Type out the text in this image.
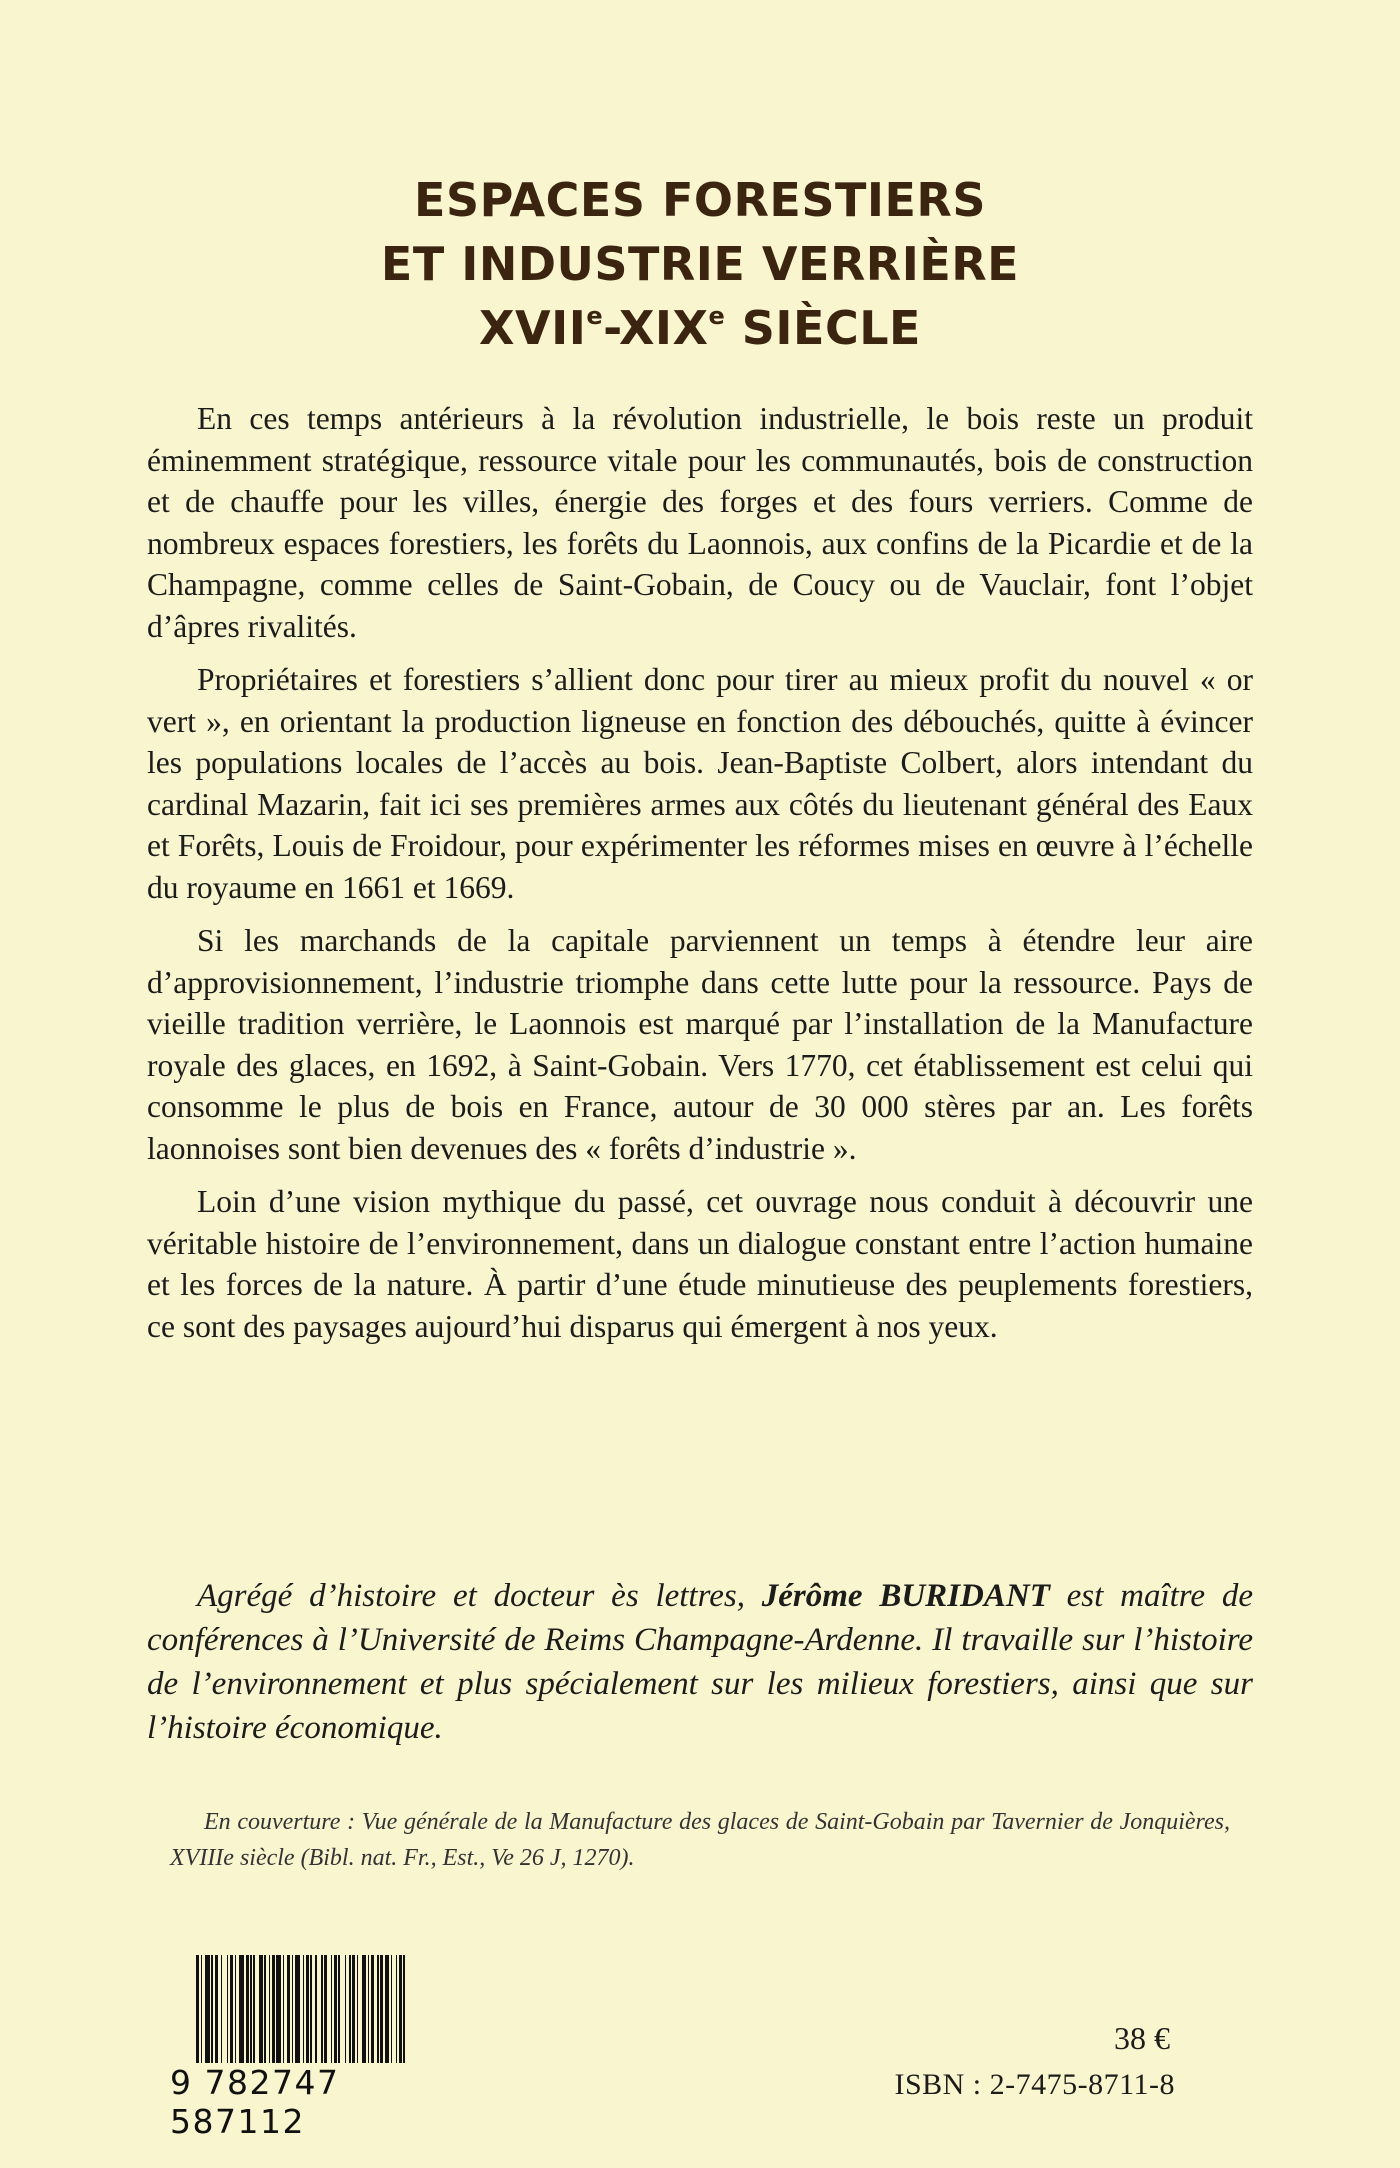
ESPACES FORESTIERS
ET INDUSTRIE VERRIÈRE
XVIIe-XIXe SIÈCLE

En ces temps antérieurs à la révolution industrielle, le bois reste un produit éminemment stratégique, ressource vitale pour les communautés, bois de construction et de chauffe pour les villes, énergie des forges et des fours verriers. Comme de nombreux espaces forestiers, les forêts du Laonnois, aux confins de la Picardie et de la Champagne, comme celles de Saint-Gobain, de Coucy ou de Vauclair, font l’objet d’âpres rivalités.

Propriétaires et forestiers s’allient donc pour tirer au mieux profit du nouvel « or vert », en orientant la production ligneuse en fonction des débouchés, quitte à évincer les populations locales de l’accès au bois. Jean-Baptiste Colbert, alors intendant du cardinal Mazarin, fait ici ses premières armes aux côtés du lieutenant général des Eaux et Forêts, Louis de Froidour, pour expérimenter les réformes mises en œuvre à l’échelle du royaume en 1661 et 1669.

Si les marchands de la capitale parviennent un temps à étendre leur aire d’approvisionnement, l’industrie triomphe dans cette lutte pour la ressource. Pays de vieille tradition verrière, le Laonnois est marqué par l’installation de la Manufacture royale des glaces, en 1692, à Saint-Gobain. Vers 1770, cet établissement est celui qui consomme le plus de bois en France, autour de 30 000 stères par an. Les forêts laonnoises sont bien devenues des « forêts d’industrie ».

Loin d’une vision mythique du passé, cet ouvrage nous conduit à découvrir une véritable histoire de l’environnement, dans un dialogue constant entre l’action humaine et les forces de la nature. À partir d’une étude minutieuse des peuplements forestiers, ce sont des paysages aujourd’hui disparus qui émergent à nos yeux.

Agrégé d’histoire et docteur ès lettres, Jérôme BURIDANT est maître de conférences à l’Université de Reims Champagne-Ardenne. Il travaille sur l’histoire de l’environnement et plus spécialement sur les milieux forestiers, ainsi que sur l’histoire économique.
En couverture : Vue générale de la Manufacture des glaces de Saint-Gobain par Tavernier de Jonquières, XVIIIe siècle (Bibl. nat. Fr., Est., Ve 26 J, 1270).
9 782747 587112
38 €
ISBN : 2-7475-8711-8
